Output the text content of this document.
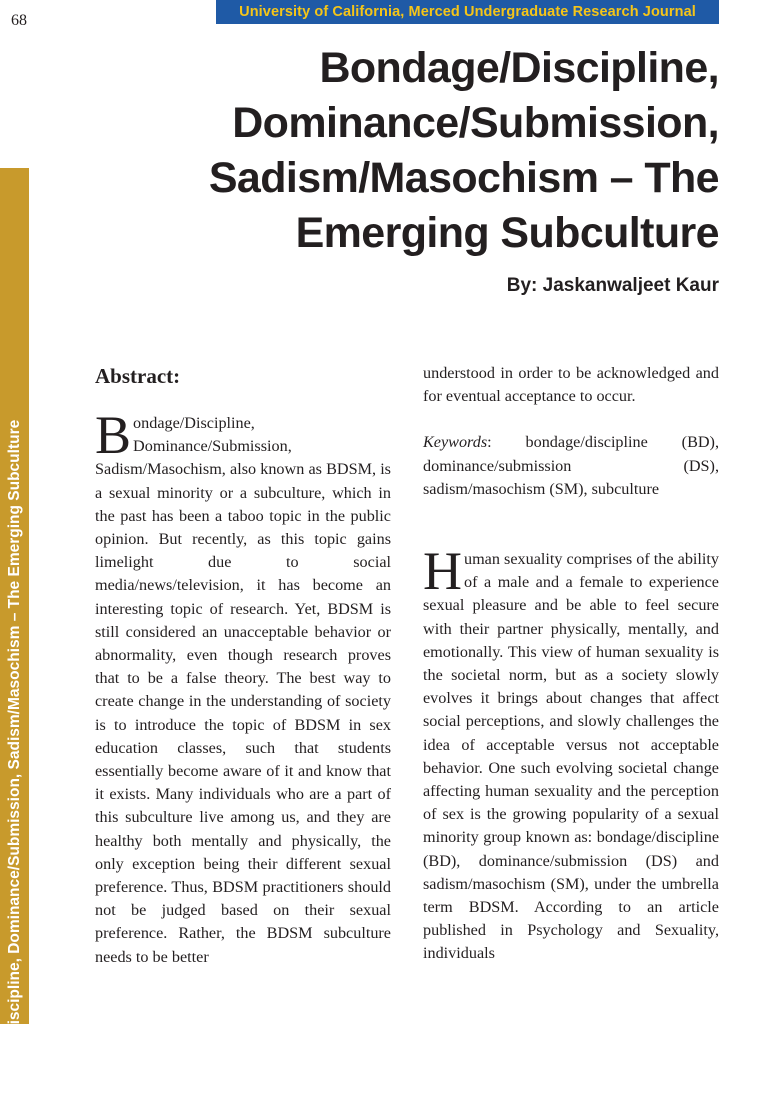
68	University of California, Merced Undergraduate Research Journal
Bondage/Discipline, Dominance/Submission, Sadism/Masochism – The Emerging Subculture
Bondage/Discipline, Dominance/Submission, Sadism/Masochism – The Emerging Subculture
By: Jaskanwaljeet Kaur
Abstract:

Bondage/Discipline, Dominance/Submission, Sadism/Masochism, also known as BDSM, is a sexual minority or a subculture, which in the past has been a taboo topic in the public opinion. But recently, as this topic gains limelight due to social media/news/television, it has become an interesting topic of research. Yet, BDSM is still considered an unacceptable behavior or abnormality, even though research proves that to be a false theory. The best way to create change in the understanding of society is to introduce the topic of BDSM in sex education classes, such that students essentially become aware of it and know that it exists. Many individuals who are a part of this subculture live among us, and they are healthy both mentally and physically, the only exception being their different sexual preference. Thus, BDSM practitioners should not be judged based on their sexual preference. Rather, the BDSM subculture needs to be better

understood in order to be acknowledged and for eventual acceptance to occur.

Keywords: bondage/discipline (BD), dominance/submission (DS), sadism/masochism (SM), subculture

Human sexuality comprises of the ability of a male and a female to experience sexual pleasure and be able to feel secure with their partner physically, mentally, and emotionally. This view of human sexuality is the societal norm, but as a society slowly evolves it brings about changes that affect social perceptions, and slowly challenges the idea of acceptable versus not acceptable behavior. One such evolving societal change affecting human sexuality and the perception of sex is the growing popularity of a sexual minority group known as: bondage/discipline (BD), dominance/submission (DS) and sadism/masochism (SM), under the umbrella term BDSM. According to an article published in Psychology and Sexuality, individuals
